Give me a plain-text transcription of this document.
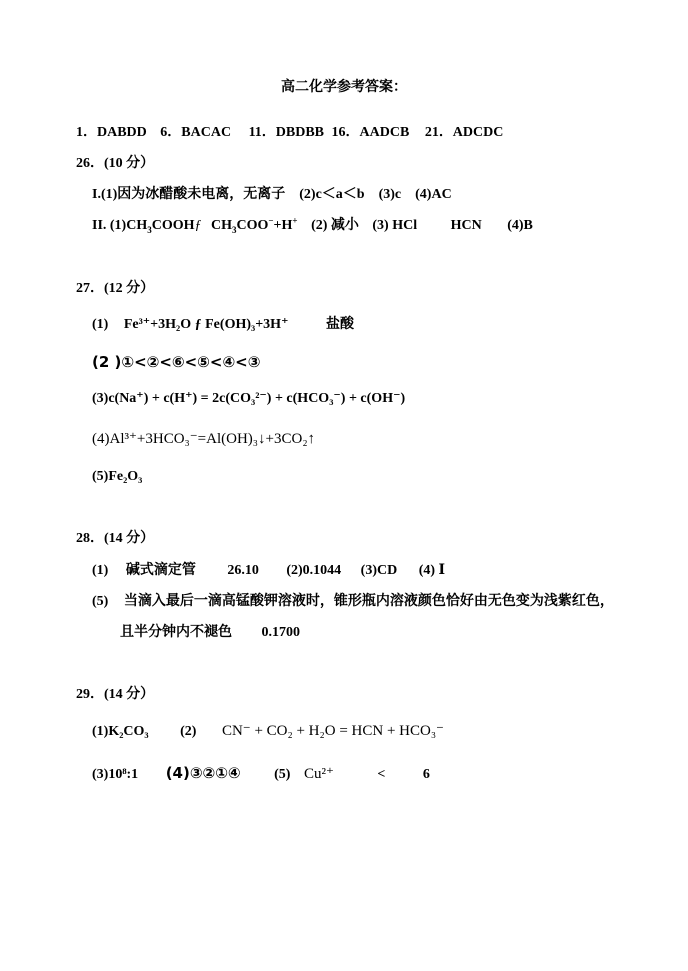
高二化学参考答案：
1．DABDD 6．BACAC 11．DBDBB 16．AADCB 21．ADCDC
26．(10 分）
I.(1)因为冰醋酸未电离，无离子　(2)c＜a＜b　(3)c　(4)AC
II. $(1)CH_3COOHƒ$ $CH_3COO^-+H^+$ (2) 减小 (3) HCl HCN (4)B
27．(12 分）
(1) Fe³⁺+3H₂O ƒ Fe(OH)₃+3H⁺	盐酸
(2 )①<②<⑥<⑤<④<③
(3)c(Na⁺) + c(H⁺) = 2c(CO₃²⁻) + c(HCO₃⁻) + c(OH⁻)
(4)Al³⁺+3HCO₃⁻=Al(OH)₃↓+3CO₂↑
(5)Fe₂O₃
28．(14 分）
(1) 碱式滴定管 26.10 (2)0.1044 (3)CD (4) Ⅰ
(5) 当滴入最后一滴高锰酸钾溶液时，锥形瓶内溶液颜色恰好由无色变为浅紫红色，
且半分钟内不褪色 0.1700
29．(14 分）
(1)K₂CO₃ (2) CN⁻ + CO₂ + H₂O = HCN + HCO₃⁻
(3)10⁸:1 (4)③②①④ (5) Cu²⁺	<	6
